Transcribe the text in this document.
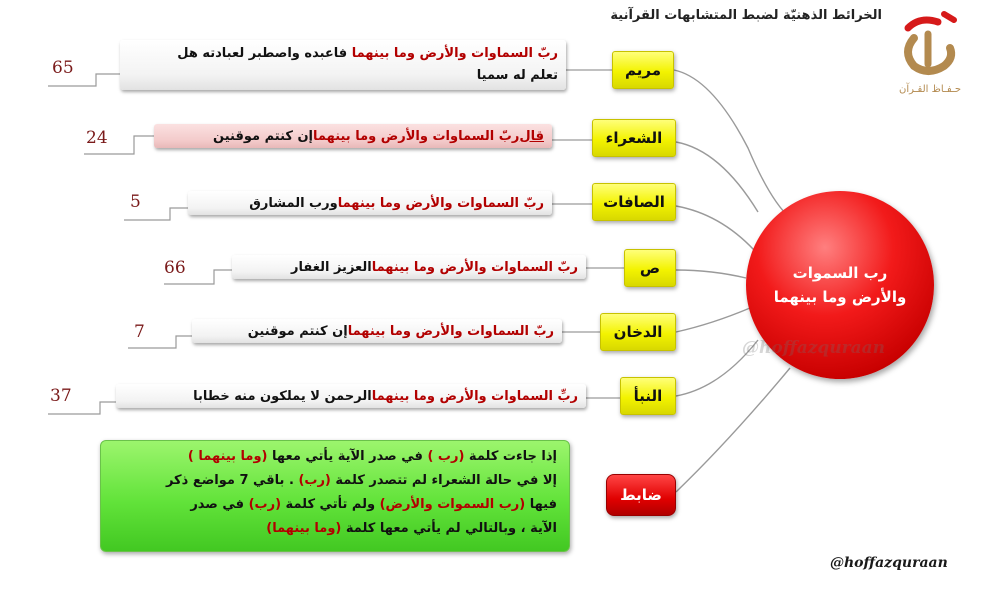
الخرائط الذهنيّة لضبط المتشابهات القرآنية
حـفـاظ القـرآن
رب السموات والأرض وما بينهما
@hoffazquraan
مريم
ربّ السماوات والأرض وما بينهما فاعبده واصطبر لعبادته هل
تعلم له سميا
65
الشعراء
قال
ربّ السماوات والأرض وما بينهما
إن كنتم موقنين
24
الصافات
ربّ السماوات والأرض وما بينهما
ورب المشارق
5
ص
ربّ السماوات والأرض وما بينهما
العزيز الغفار
66
الدخان
ربّ السماوات والأرض وما بينهما
إن كنتم موقنين
7
النبأ
ربِّ السماوات والأرض وما بينهما
الرحمن لا يملكون منه خطابا
37
ضابط
إذا جاءت كلمة (رب ) في صدر الآية يأتي معها (وما بينهما )
إلا في حالة الشعراء لم تتصدر كلمة (رب) . باقي 7 مواضع ذكر
فيها (رب السموات والأرض) ولم تأتي كلمة (رب) في صدر
الآية ، وبالتالي لم يأتي معها كلمة (وما بينهما)
@hoffazquraan
